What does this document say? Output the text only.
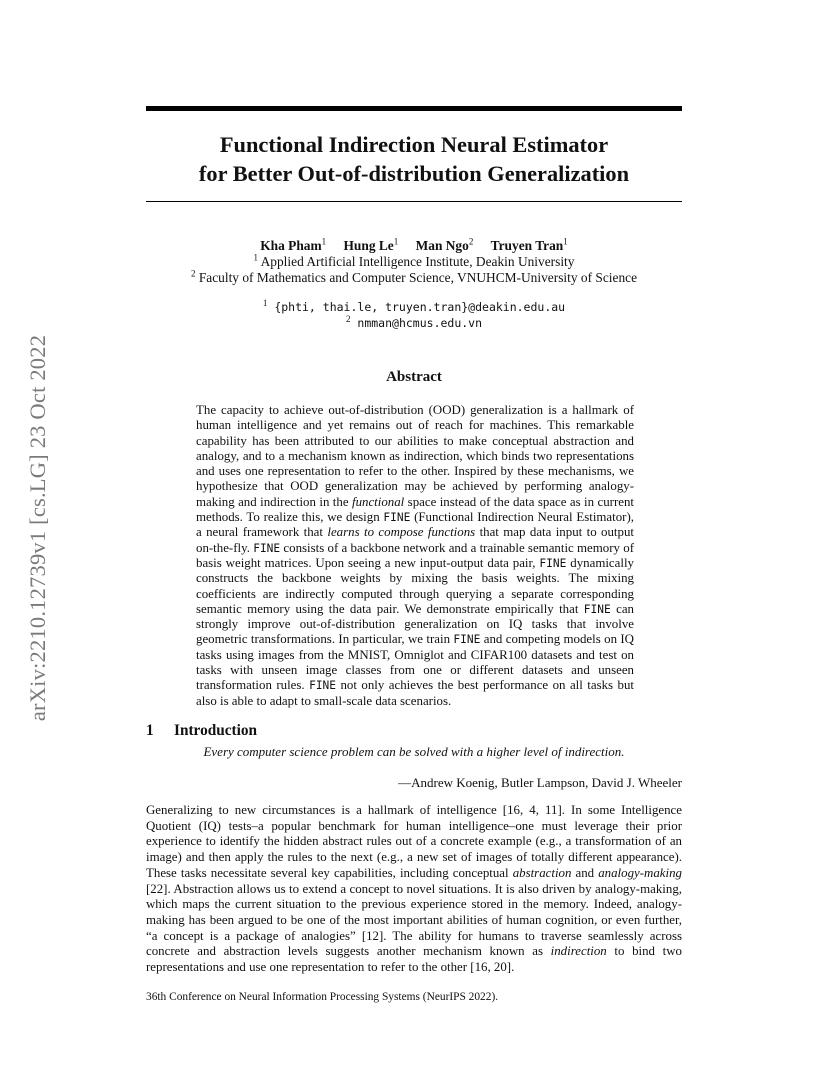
arXiv:2210.12739v1 [cs.LG] 23 Oct 2022
Functional Indirection Neural Estimator
for Better Out-of-distribution Generalization
Kha Pham$^1$ Hung Le$^1$ Man Ngo$^2$ Truyen Tran$^1$
$^1$ Applied Artificial Intelligence Institute, Deakin University
$^2$ Faculty of Mathematics and Computer Science, VNUHCM-University of Science
$^1$ {phti, thai.le, truyen.tran}@deakin.edu.au
$^2$ nmman@hcmus.edu.vn
Abstract
The capacity to achieve out-of-distribution (OOD) generalization is a hallmark of human intelligence and yet remains out of reach for machines. This remarkable capability has been attributed to our abilities to make conceptual abstraction and analogy, and to a mechanism known as indirection, which binds two representations and uses one representation to refer to the other. Inspired by these mechanisms, we hypothesize that OOD generalization may be achieved by performing analogy-making and indirection in the functional space instead of the data space as in current methods. To realize this, we design FINE (Functional Indirection Neural Estimator), a neural framework that learns to compose functions that map data input to output on-the-fly. FINE consists of a backbone network and a trainable semantic memory of basis weight matrices. Upon seeing a new input-output data pair, FINE dynamically constructs the backbone weights by mixing the basis weights. The mixing coefficients are indirectly computed through querying a separate corresponding semantic memory using the data pair. We demonstrate empirically that FINE can strongly improve out-of-distribution generalization on IQ tasks that involve geometric transformations. In particular, we train FINE and competing models on IQ tasks using images from the MNIST, Omniglot and CIFAR100 datasets and test on tasks with unseen image classes from one or different datasets and unseen transformation rules. FINE not only achieves the best performance on all tasks but also is able to adapt to small-scale data scenarios.
1 Introduction
Every computer science problem can be solved with a higher level of indirection.
—Andrew Koenig, Butler Lampson, David J. Wheeler
Generalizing to new circumstances is a hallmark of intelligence [16, 4, 11]. In some Intelligence Quotient (IQ) tests–a popular benchmark for human intelligence–one must leverage their prior experience to identify the hidden abstract rules out of a concrete example (e.g., a transformation of an image) and then apply the rules to the next (e.g., a new set of images of totally different appearance). These tasks necessitate several key capabilities, including conceptual abstraction and analogy-making [22]. Abstraction allows us to extend a concept to novel situations. It is also driven by analogy-making, which maps the current situation to the previous experience stored in the memory. Indeed, analogy-making has been argued to be one of the most important abilities of human cognition, or even further, “a concept is a package of analogies” [12]. The ability for humans to traverse seamlessly across concrete and abstraction levels suggests another mechanism known as indirection to bind two representations and use one representation to refer to the other [16, 20].
36th Conference on Neural Information Processing Systems (NeurIPS 2022).
